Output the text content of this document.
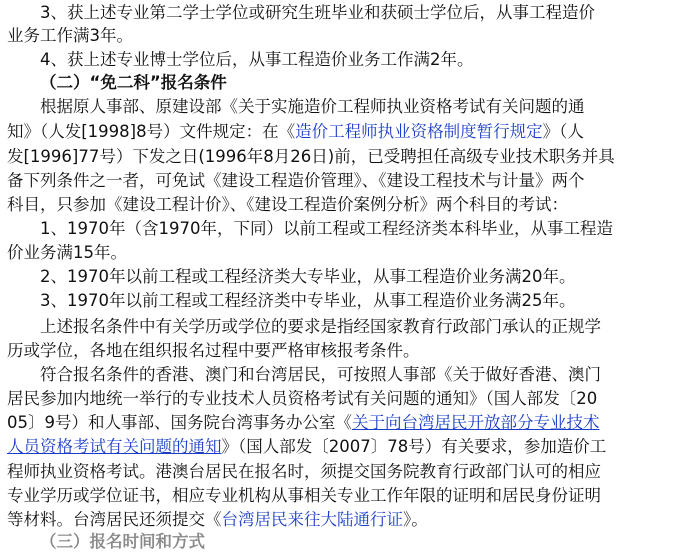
3、获上述专业第二学士学位或研究生班毕业和获硕士学位后，从事工程造价
业务工作满3年。
4、获上述专业博士学位后，从事工程造价业务工作满2年。
（二）“免二科”报名条件
根据原人事部、原建设部《关于实施造价工程师执业资格考试有关问题的通
知》（人发[1998]8号）文件规定：在《造价工程师执业资格制度暂行规定》（人
发[1996]77号）下发之日(1996年8月26日)前，已受聘担任高级专业技术职务并具
备下列条件之一者，可免试《建设工程造价管理》、《建设工程技术与计量》两个
科目，只参加《建设工程计价》、《建设工程造价案例分析》两个科目的考试：
1、1970年（含1970年，下同）以前工程或工程经济类本科毕业，从事工程造
价业务满15年。
2、1970年以前工程或工程经济类大专毕业，从事工程造价业务满20年。
3、1970年以前工程或工程经济类中专毕业，从事工程造价业务满25年。
上述报名条件中有关学历或学位的要求是指经国家教育行政部门承认的正规学
历或学位，各地在组织报名过程中要严格审核报考条件。
符合报名条件的香港、澳门和台湾居民，可按照人事部《关于做好香港、澳门
居民参加内地统一举行的专业技术人员资格考试有关问题的通知》（国人部发〔20
05〕9号）和人事部、国务院台湾事务办公室《关于向台湾居民开放部分专业技术
人员资格考试有关问题的通知》（国人部发〔2007〕78号）有关要求，参加造价工
程师执业资格考试。港澳台居民在报名时，须提交国务院教育行政部门认可的相应
专业学历或学位证书，相应专业机构从事相关专业工作年限的证明和居民身份证明
等材料。台湾居民还须提交《台湾居民来往大陆通行证》。
（三）报名时间和方式
